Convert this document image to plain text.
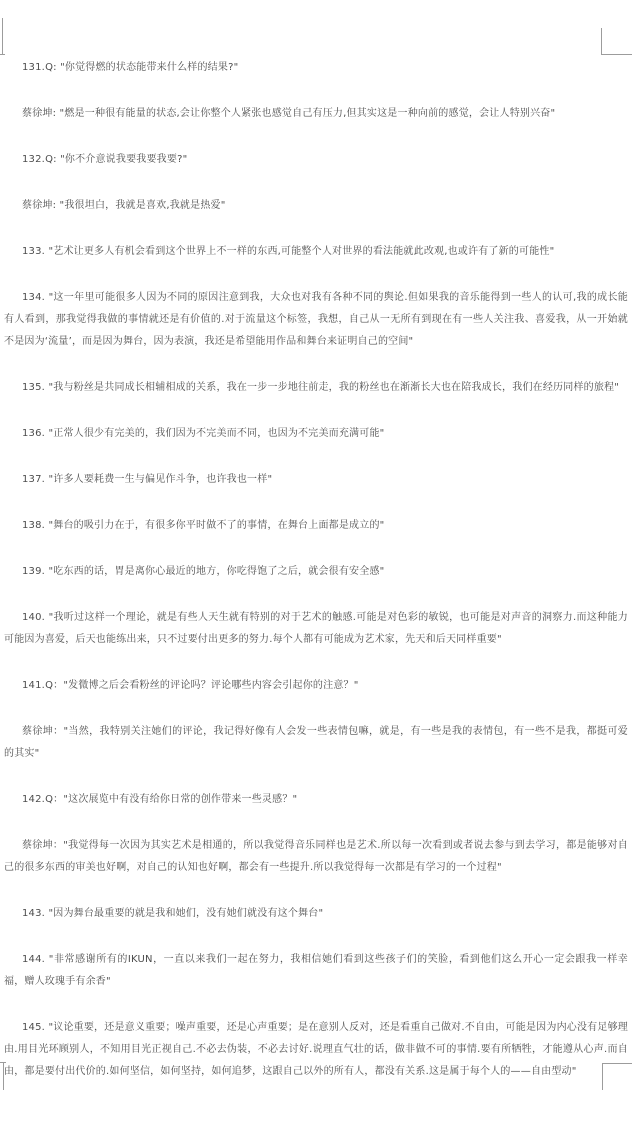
131.Q: "你觉得燃的状态能带来什么样的结果?"

蔡徐坤: "燃是一种很有能量的状态,会让你整个人紧张也感觉自己有压力,但其实这是一种向前的感觉，会让人特别兴奋"

132.Q: "你不介意说我要我要我要?"

蔡徐坤: "我很坦白，我就是喜欢,我就是热爱"

133. "艺术让更多人有机会看到这个世界上不一样的东西,可能整个人对世界的看法能就此改观,也或许有了新的可能性"

134. "这一年里可能很多人因为不同的原因注意到我，大众也对我有各种不同的舆论.但如果我的音乐能得到一些人的认可,我的成长能有人看到，那我觉得我做的事情就还是有价值的.对于流量这个标签，我想，自己从一无所有到现在有一些人关注我、喜爱我，从一开始就不是因为‘流量’，而是因为舞台，因为表演，我还是希望能用作品和舞台来证明自己的空间"

135. "我与粉丝是共同成长相辅相成的关系，我在一步一步地往前走，我的粉丝也在渐渐长大也在陪我成长，我们在经历同样的旅程"

136. "正常人很少有完美的，我们因为不完美而不同，也因为不完美而充满可能"

137. "许多人要耗费一生与偏见作斗争，也许我也一样"

138. "舞台的吸引力在于，有很多你平时做不了的事情，在舞台上面都是成立的"

139. "吃东西的话，胃是离你心最近的地方，你吃得饱了之后，就会很有安全感"

140. "我听过这样一个理论，就是有些人天生就有特别的对于艺术的触感.可能是对色彩的敏锐，也可能是对声音的洞察力.而这种能力可能因为喜爱，后天也能练出来，只不过要付出更多的努力.每个人都有可能成为艺术家，先天和后天同样重要"

141.Q："发微博之后会看粉丝的评论吗？评论哪些内容会引起你的注意？"

蔡徐坤："当然，我特别关注她们的评论，我记得好像有人会发一些表情包嘛，就是，有一些是我的表情包，有一些不是我，都挺可爱的其实"

142.Q："这次展览中有没有给你日常的创作带来一些灵感？"

蔡徐坤："我觉得每一次因为其实艺术是相通的，所以我觉得音乐同样也是艺术.所以每一次看到或者说去参与到去学习，都是能够对自己的很多东西的审美也好啊，对自己的认知也好啊，都会有一些提升.所以我觉得每一次都是有学习的一个过程"

143. "因为舞台最重要的就是我和她们，没有她们就没有这个舞台"

144. "非常感谢所有的IKUN，一直以来我们一起在努力，我相信她们看到这些孩子们的笑脸，看到他们这么开心一定会跟我一样幸福，赠人玫瑰手有余香"

145. "议论重要，还是意义重要；噪声重要，还是心声重要；是在意别人反对，还是看重自己做对.不自由，可能是因为内心没有足够理由.用目光环顾别人，不知用目光正视自己.不必去伪装，不必去讨好.说理直气壮的话，做非做不可的事情.要有所牺牲，才能遵从心声.而自由，都是要付出代价的.如何坚信，如何坚持，如何追梦，这跟自己以外的所有人，都没有关系.这是属于每个人的——自由型动"
